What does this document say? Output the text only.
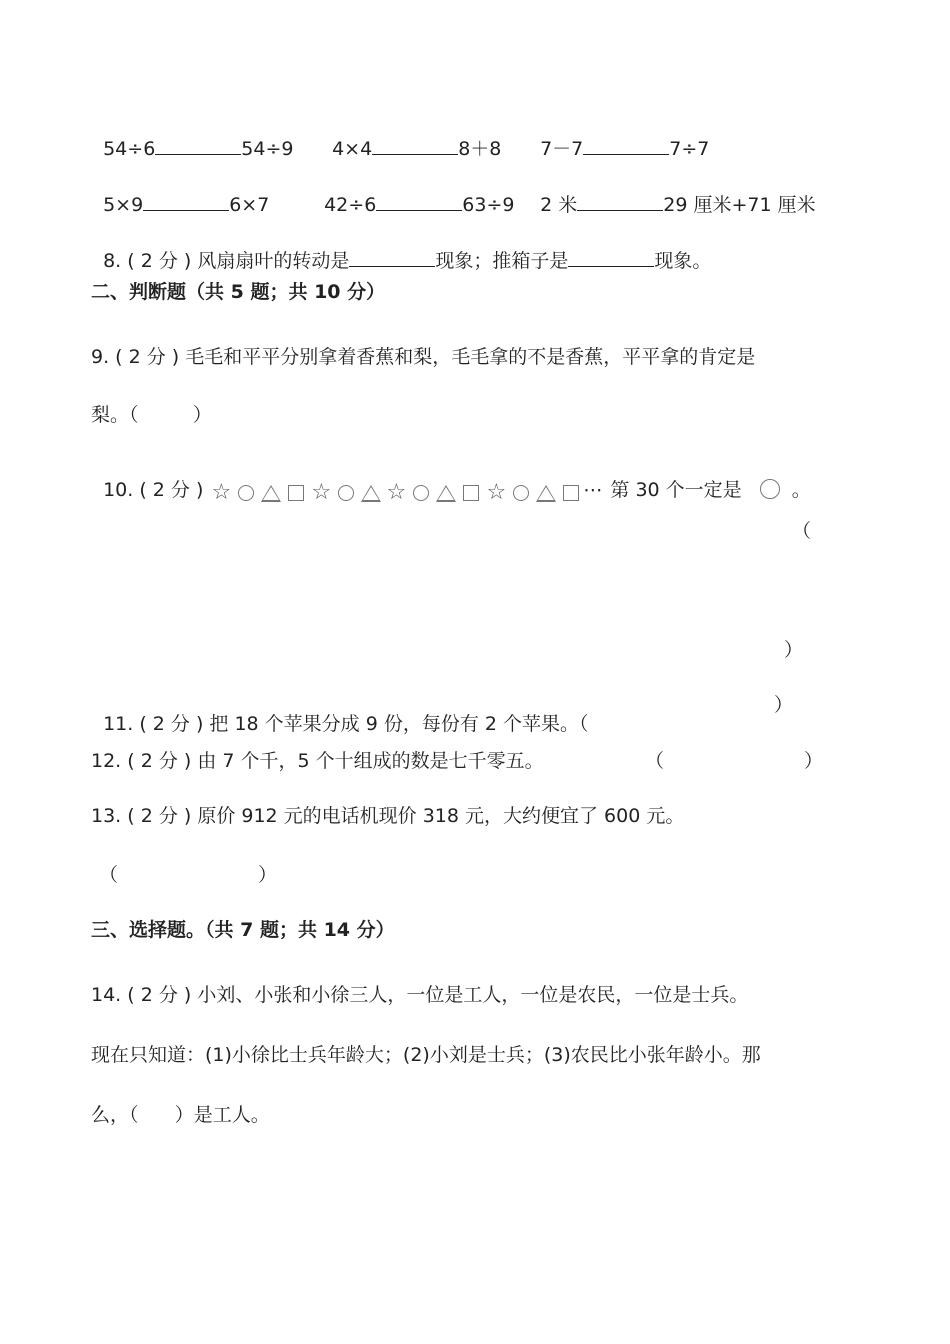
54÷6	54÷9	4×4	8＋8	7－7	7÷7

5×9	6×7	42÷6	63÷9	2 米	29 厘米+71 厘米

8. ( 2 分 ) 风扇扇叶的转动是	现象；推箱子是	现象。

二、判断题（共 5 题；共 10 分）
9. ( 2 分 ) 毛毛和平平分别拿着香蕉和梨，毛毛拿的不是香蕉，平平拿的肯定是
梨。（         ）

10. ( 2 分 ) ☆	☆	☆	☆	⋯ 第 30 个一定是	。

（
）

11. ( 2 分 ) 把 18 个苹果分成 9 份，每份有 2 个苹果。（

）
12. ( 2 分 ) 由 7 个千，5 个十组成的数是七千零五。	（	）
13. ( 2 分 ) 原价 912 元的电话机现价 318 元，大约便宜了 600 元。
（	）
三、选择题。（共 7 题；共 14 分）
14. ( 2 分 ) 小刘、小张和小徐三人，一位是工人，一位是农民，一位是士兵。
现在只知道：(1)小徐比士兵年龄大；(2)小刘是士兵；(3)农民比小张年龄小。那
么，（      ）是工人。
